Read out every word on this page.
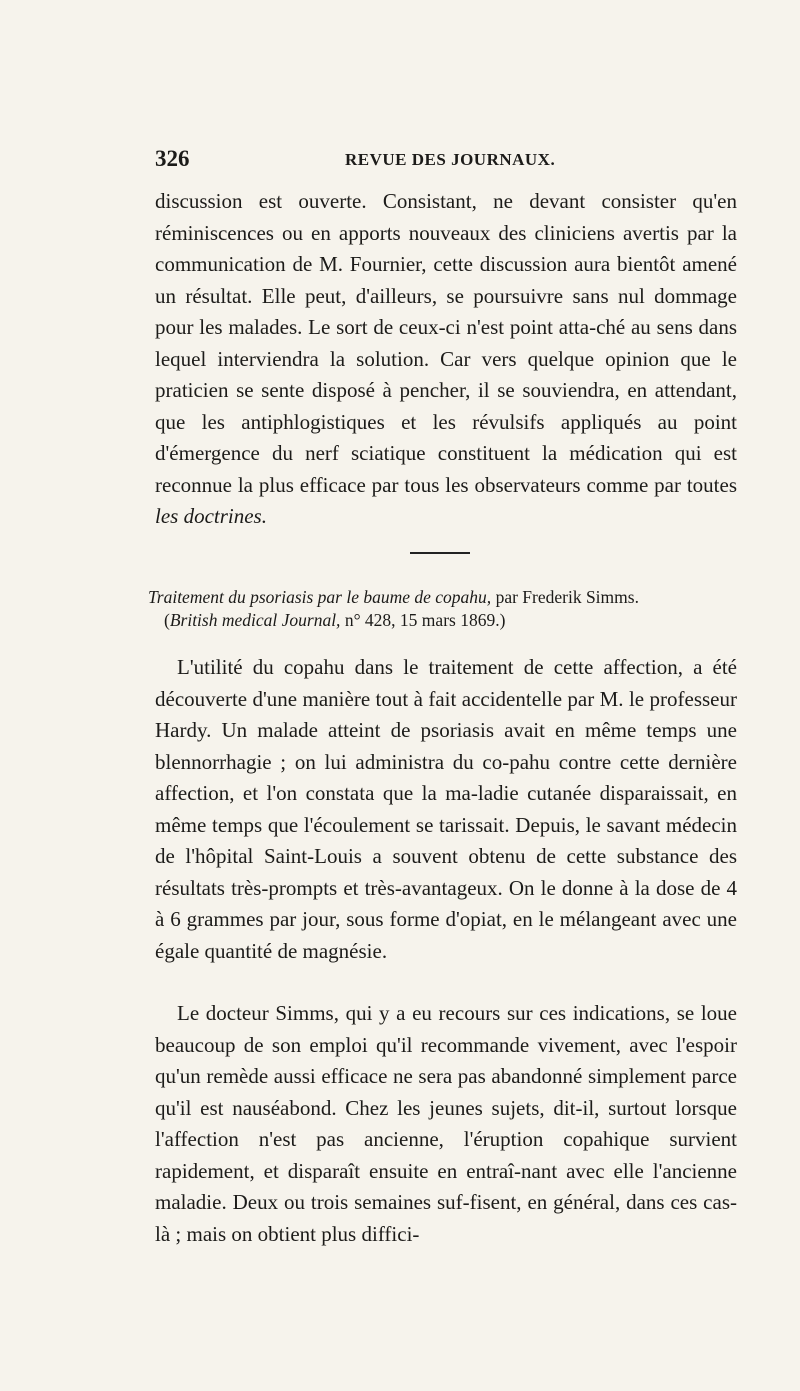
326	REVUE DES JOURNAUX.

discussion est ouverte. Consistant, ne devant consister qu'en réminiscences ou en apports nouveaux des cliniciens avertis par la communication de M. Fournier, cette discussion aura bientôt amené un résultat. Elle peut, d'ailleurs, se poursuivre sans nul dommage pour les malades. Le sort de ceux-ci n'est point atta-ché au sens dans lequel interviendra la solution. Car vers quelque opinion que le praticien se sente disposé à pencher, il se souviendra, en attendant, que les antiphlogistiques et les révulsifs appliqués au point d'émergence du nerf sciatique constituent la médication qui est reconnue la plus efficace par tous les observateurs comme par toutes les doctrines.

Traitement du psoriasis par le baume de copahu, par Frederik Simms.

(British medical Journal, n° 428, 15 mars 1869.)

L'utilité du copahu dans le traitement de cette affection, a été découverte d'une manière tout à fait accidentelle par M. le professeur Hardy. Un malade atteint de psoriasis avait en même temps une blennorrhagie ; on lui administra du co-pahu contre cette dernière affection, et l'on constata que la ma-ladie cutanée disparaissait, en même temps que l'écoulement se tarissait. Depuis, le savant médecin de l'hôpital Saint-Louis a souvent obtenu de cette substance des résultats très-prompts et très-avantageux. On le donne à la dose de 4 à 6 grammes par jour, sous forme d'opiat, en le mélangeant avec une égale quantité de magnésie.

Le docteur Simms, qui y a eu recours sur ces indications, se loue beaucoup de son emploi qu'il recommande vivement, avec l'espoir qu'un remède aussi efficace ne sera pas abandonné simplement parce qu'il est nauséabond. Chez les jeunes sujets, dit-il, surtout lorsque l'affection n'est pas ancienne, l'éruption copahique survient rapidement, et disparaît ensuite en entraî-nant avec elle l'ancienne maladie. Deux ou trois semaines suf-fisent, en général, dans ces cas-là ; mais on obtient plus diffici-
